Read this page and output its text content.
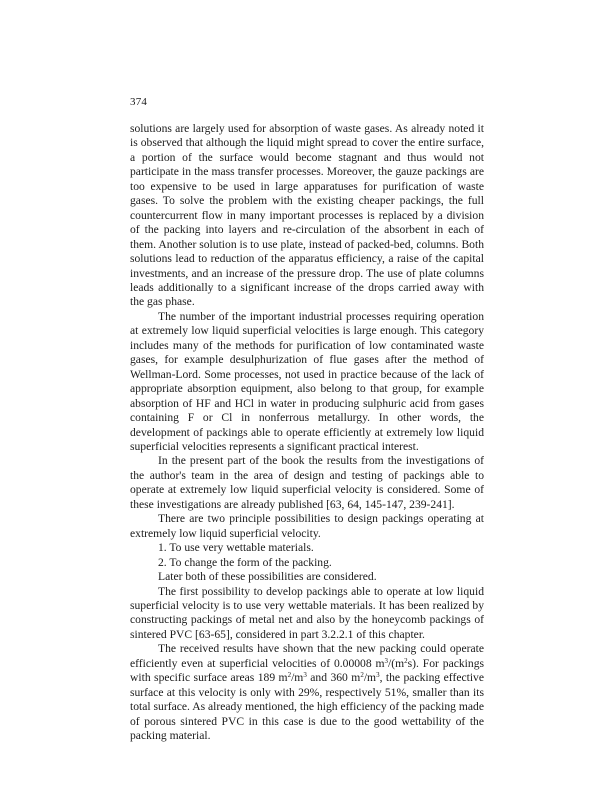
374

solutions are largely used for absorption of waste gases. As already noted it is observed that although the liquid might spread to cover the entire surface, a portion of the surface would become stagnant and thus would not participate in the mass transfer processes. Moreover, the gauze packings are too expensive to be used in large apparatuses for purification of waste gases. To solve the problem with the existing cheaper packings, the full countercurrent flow in many important processes is replaced by a division of the packing into layers and re-circulation of the absorbent in each of them. Another solution is to use plate, instead of packed-bed, columns. Both solutions lead to reduction of the apparatus efficiency, a raise of the capital investments, and an increase of the pressure drop. The use of plate columns leads additionally to a significant increase of the drops carried away with the gas phase.

The number of the important industrial processes requiring operation at extremely low liquid superficial velocities is large enough. This category includes many of the methods for purification of low contaminated waste gases, for example desulphurization of flue gases after the method of Wellman-Lord. Some processes, not used in practice because of the lack of appropriate absorption equipment, also belong to that group, for example absorption of HF and HCl in water in producing sulphuric acid from gases containing F or Cl in nonferrous metallurgy. In other words, the development of packings able to operate efficiently at extremely low liquid superficial velocities represents a significant practical interest.

In the present part of the book the results from the investigations of the author's team in the area of design and testing of packings able to operate at extremely low liquid superficial velocity is considered. Some of these investigations are already published [63, 64, 145-147, 239-241].

There are two principle possibilities to design packings operating at extremely low liquid superficial velocity.

1. To use very wettable materials.

2. To change the form of the packing.

Later both of these possibilities are considered.

The first possibility to develop packings able to operate at low liquid superficial velocity is to use very wettable materials. It has been realized by constructing packings of metal net and also by the honeycomb packings of sintered PVC [63-65], considered in part 3.2.2.1 of this chapter.

The received results have shown that the new packing could operate efficiently even at superficial velocities of 0.00008 $m^3/(m^2s)$. For packings with specific surface areas 189 $m^2/m^3$ and 360 $m^2/m^3$, the packing effective surface at this velocity is only with 29%, respectively 51%, smaller than its total surface. As already mentioned, the high efficiency of the packing made of porous sintered PVC in this case is due to the good wettability of the packing material.
